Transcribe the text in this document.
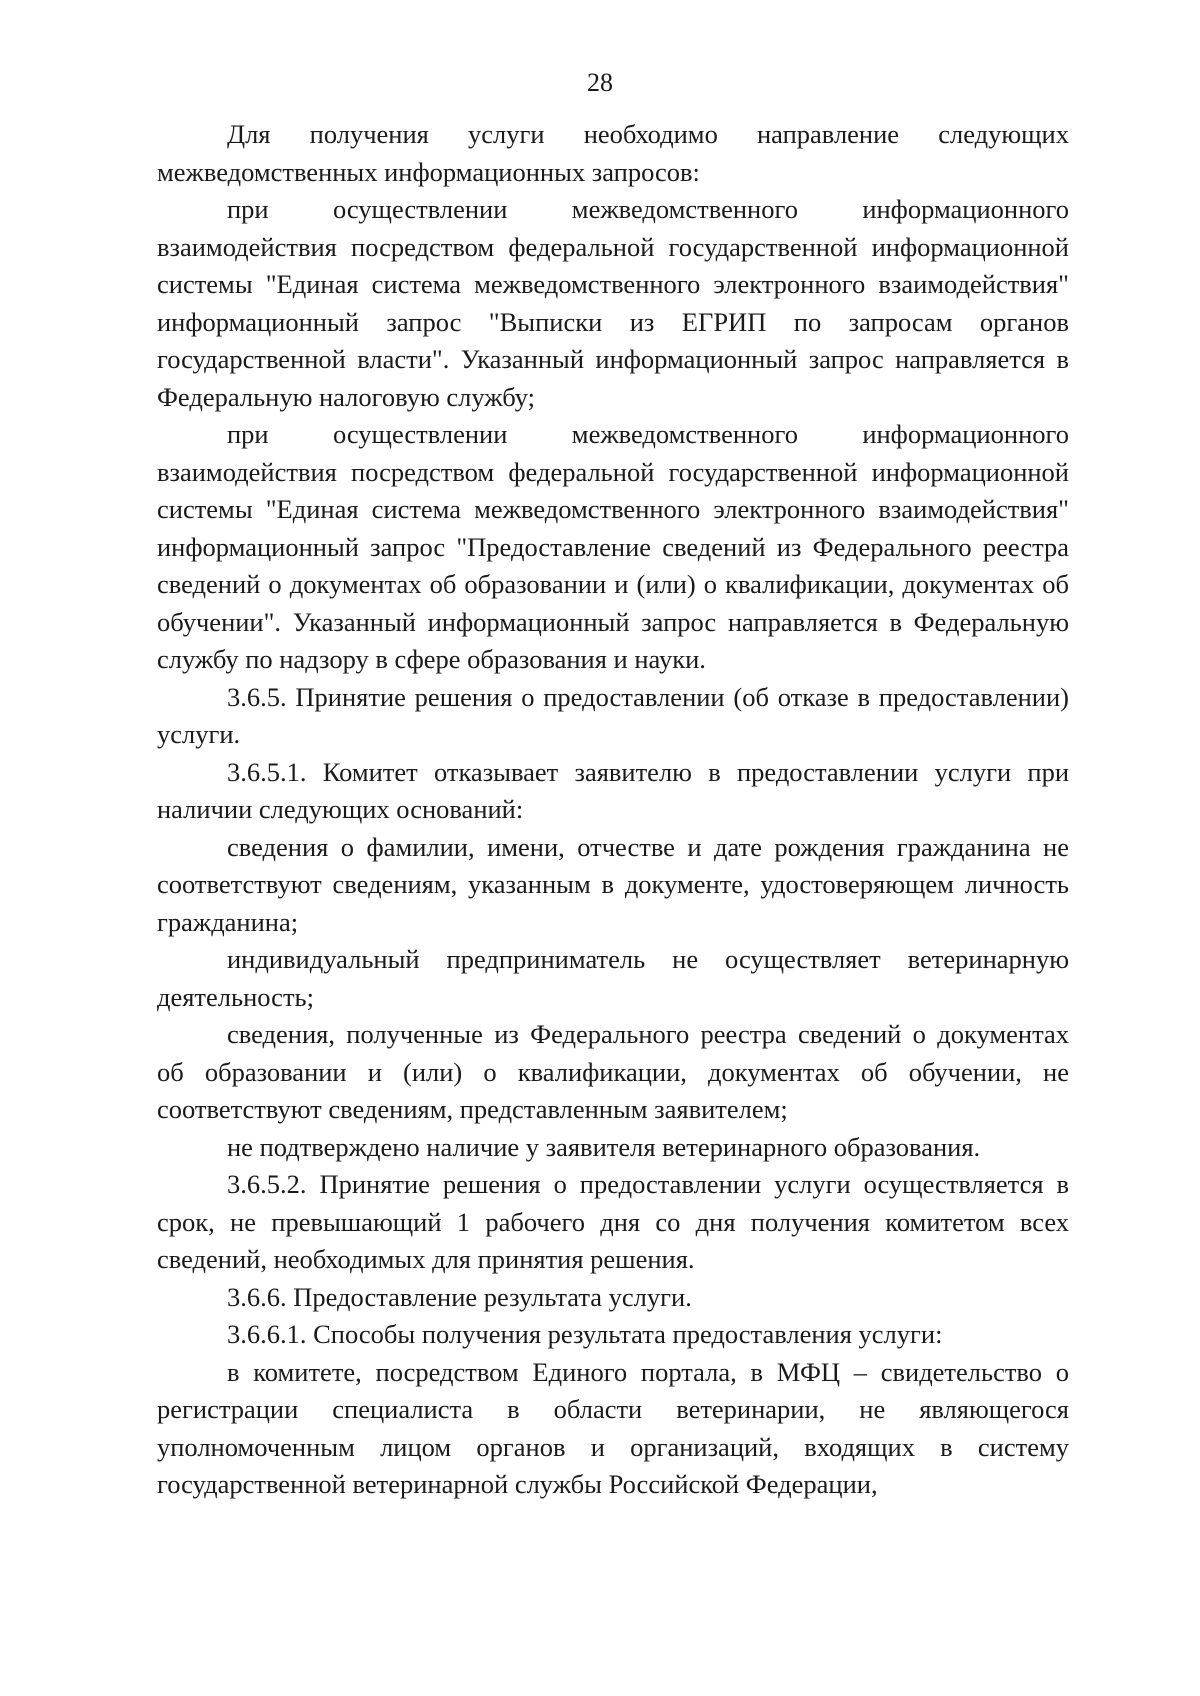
28

Для получения услуги необходимо направление следующих межведомственных информационных запросов:

при осуществлении межведомственного информационного взаимодействия посредством федеральной государственной информационной системы "Единая система межведомственного электронного взаимодействия" информационный запрос "Выписки из ЕГРИП по запросам органов государственной власти". Указанный информационный запрос направляется в Федеральную налоговую службу;

при осуществлении межведомственного информационного взаимодействия посредством федеральной государственной информационной системы "Единая система межведомственного электронного взаимодействия" информационный запрос "Предоставление сведений из Федерального реестра сведений о документах об образовании и (или) о квалификации, документах об обучении". Указанный информационный запрос направляется в Федеральную службу по надзору в сфере образования и науки.

3.6.5. Принятие решения о предоставлении (об отказе в предоставлении) услуги.

3.6.5.1. Комитет отказывает заявителю в предоставлении услуги при наличии следующих оснований:

сведения о фамилии, имени, отчестве и дате рождения гражданина не соответствуют сведениям, указанным в документе, удостоверяющем личность гражданина;

индивидуальный предприниматель не осуществляет ветеринарную деятельность;

сведения, полученные из Федерального реестра сведений о документах об образовании и (или) о квалификации, документах об обучении, не соответствуют сведениям, представленным заявителем;

не подтверждено наличие у заявителя ветеринарного образования.

3.6.5.2. Принятие решения о предоставлении услуги осуществляется в срок, не превышающий 1 рабочего дня со дня получения комитетом всех сведений, необходимых для принятия решения.

3.6.6. Предоставление результата услуги.

3.6.6.1. Способы получения результата предоставления услуги:

в комитете, посредством Единого портала, в МФЦ – свидетельство о регистрации специалиста в области ветеринарии, не являющегося уполномоченным лицом органов и организаций, входящих в систему государственной ветеринарной службы Российской Федерации,
